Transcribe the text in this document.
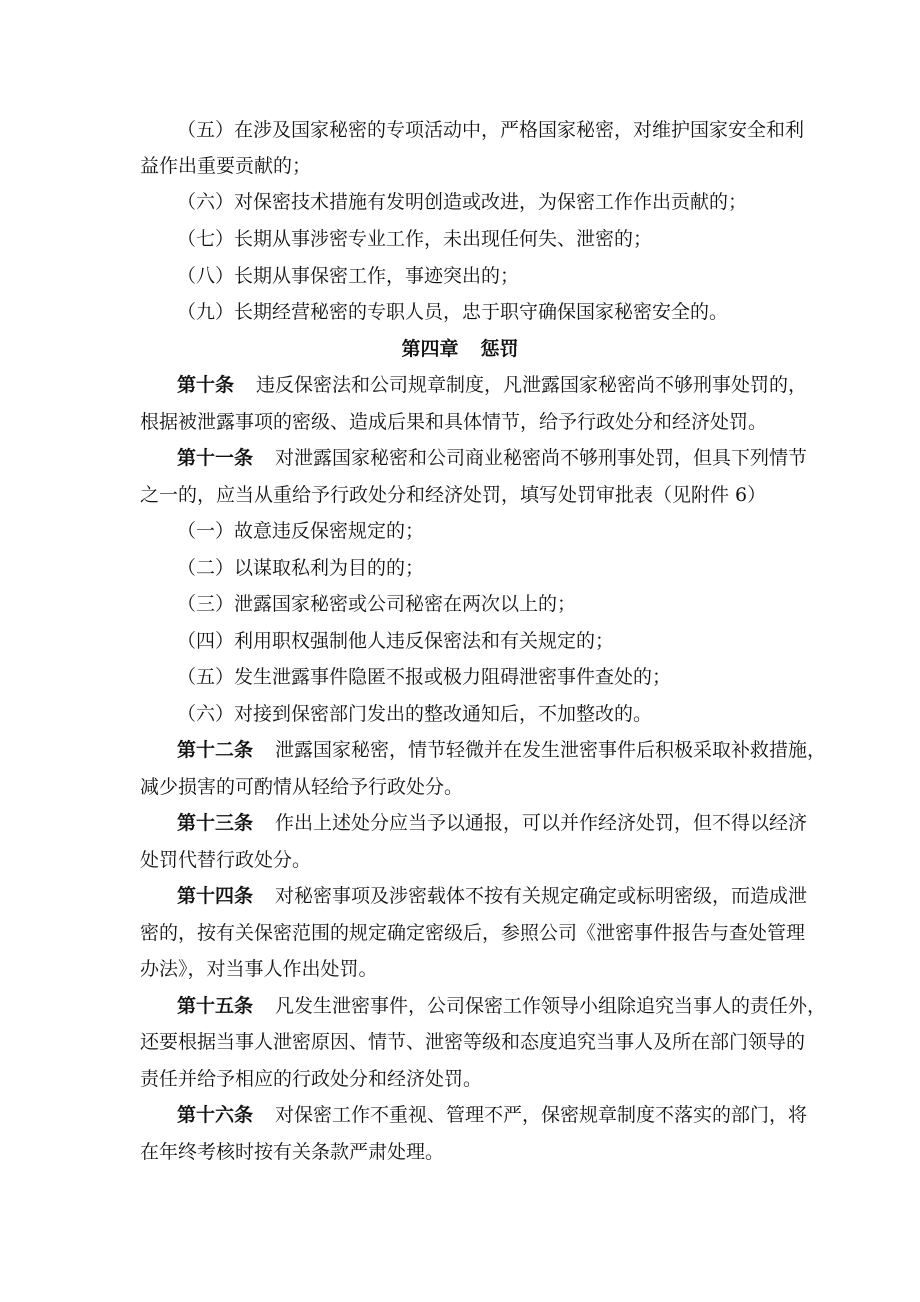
（五）在涉及国家秘密的专项活动中，严格国家秘密，对维护国家安全和利
益作出重要贡献的；
（六）对保密技术措施有发明创造或改进，为保密工作作出贡献的；
（七）长期从事涉密专业工作，未出现任何失、泄密的；
（八）长期从事保密工作，事迹突出的；
（九）长期经营秘密的专职人员，忠于职守确保国家秘密安全的。
第四章 惩罚
第十条 违反保密法和公司规章制度，凡泄露国家秘密尚不够刑事处罚的，
根据被泄露事项的密级、造成后果和具体情节，给予行政处分和经济处罚。
第十一条 对泄露国家秘密和公司商业秘密尚不够刑事处罚，但具下列情节
之一的，应当从重给予行政处分和经济处罚，填写处罚审批表（见附件 6）
（一）故意违反保密规定的；
（二）以谋取私利为目的的；
（三）泄露国家秘密或公司秘密在两次以上的；
（四）利用职权强制他人违反保密法和有关规定的；
（五）发生泄露事件隐匿不报或极力阻碍泄密事件查处的；
（六）对接到保密部门发出的整改通知后，不加整改的。
第十二条 泄露国家秘密，情节轻微并在发生泄密事件后积极采取补救措施，
减少损害的可酌情从轻给予行政处分。
第十三条 作出上述处分应当予以通报，可以并作经济处罚，但不得以经济
处罚代替行政处分。
第十四条 对秘密事项及涉密载体不按有关规定确定或标明密级，而造成泄
密的，按有关保密范围的规定确定密级后，参照公司《泄密事件报告与查处管理
办法》，对当事人作出处罚。
第十五条 凡发生泄密事件，公司保密工作领导小组除追究当事人的责任外，
还要根据当事人泄密原因、情节、泄密等级和态度追究当事人及所在部门领导的
责任并给予相应的行政处分和经济处罚。
第十六条 对保密工作不重视、管理不严，保密规章制度不落实的部门，将
在年终考核时按有关条款严肃处理。
